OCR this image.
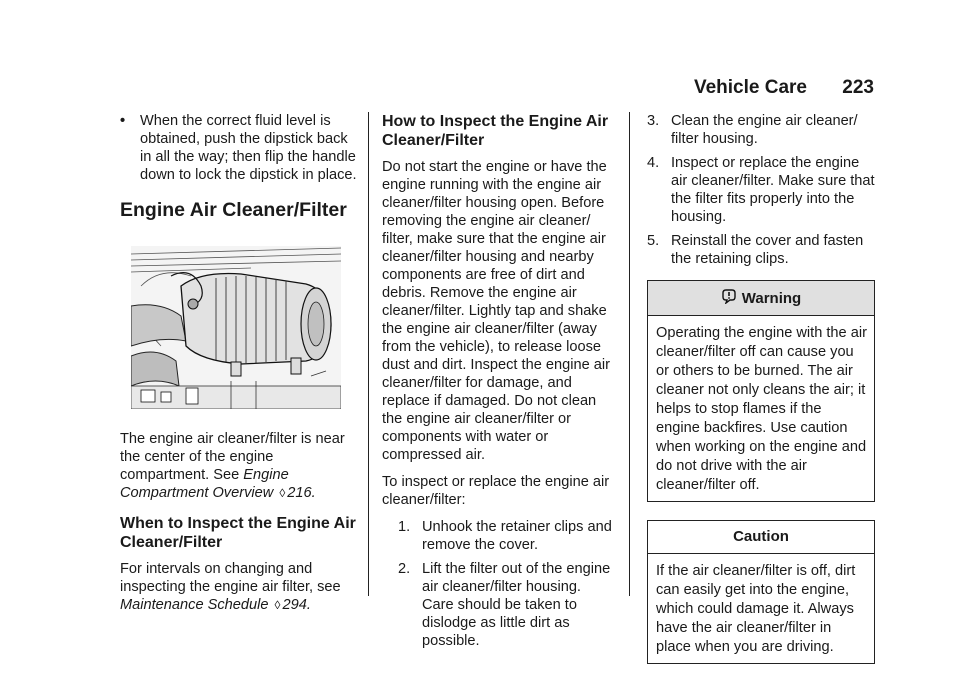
Vehicle Care 223
•	When the correct fluid level is obtained, push the dipstick back in all the way; then flip the handle down to lock the dipstick in place.
Engine Air Cleaner/Filter

The engine air cleaner/filter is near the center of the engine compartment. See Engine Compartment Overview ◊ 216.

When to Inspect the Engine Air Cleaner/Filter

For intervals on changing and inspecting the engine air filter, see Maintenance Schedule ◊ 294.

How to Inspect the Engine Air Cleaner/Filter

Do not start the engine or have the engine running with the engine air cleaner/filter housing open. Before removing the engine air cleaner/ filter, make sure that the engine air cleaner/filter housing and nearby components are free of dirt and debris. Remove the engine air cleaner/filter. Lightly tap and shake the engine air cleaner/filter (away from the vehicle), to release loose dust and dirt. Inspect the engine air cleaner/filter for damage, and replace if damaged. Do not clean the engine air cleaner/filter or components with water or compressed air.

To inspect or replace the engine air cleaner/filter:

1. Unhook the retainer clips and remove the cover.
2. Lift the filter out of the engine air cleaner/filter housing. Care should be taken to dislodge as little dirt as possible.
3. Clean the engine air cleaner/ filter housing.
4. Inspect or replace the engine air cleaner/filter. Make sure that the filter fits properly into the housing.
5. Reinstall the cover and fasten the retaining clips.
Warning
Operating the engine with the air cleaner/filter off can cause you or others to be burned. The air cleaner not only cleans the air; it helps to stop flames if the engine backfires. Use caution when working on the engine and do not drive with the air cleaner/filter off.
Caution
If the air cleaner/filter is off, dirt can easily get into the engine, which could damage it. Always have the air cleaner/filter in place when you are driving.
